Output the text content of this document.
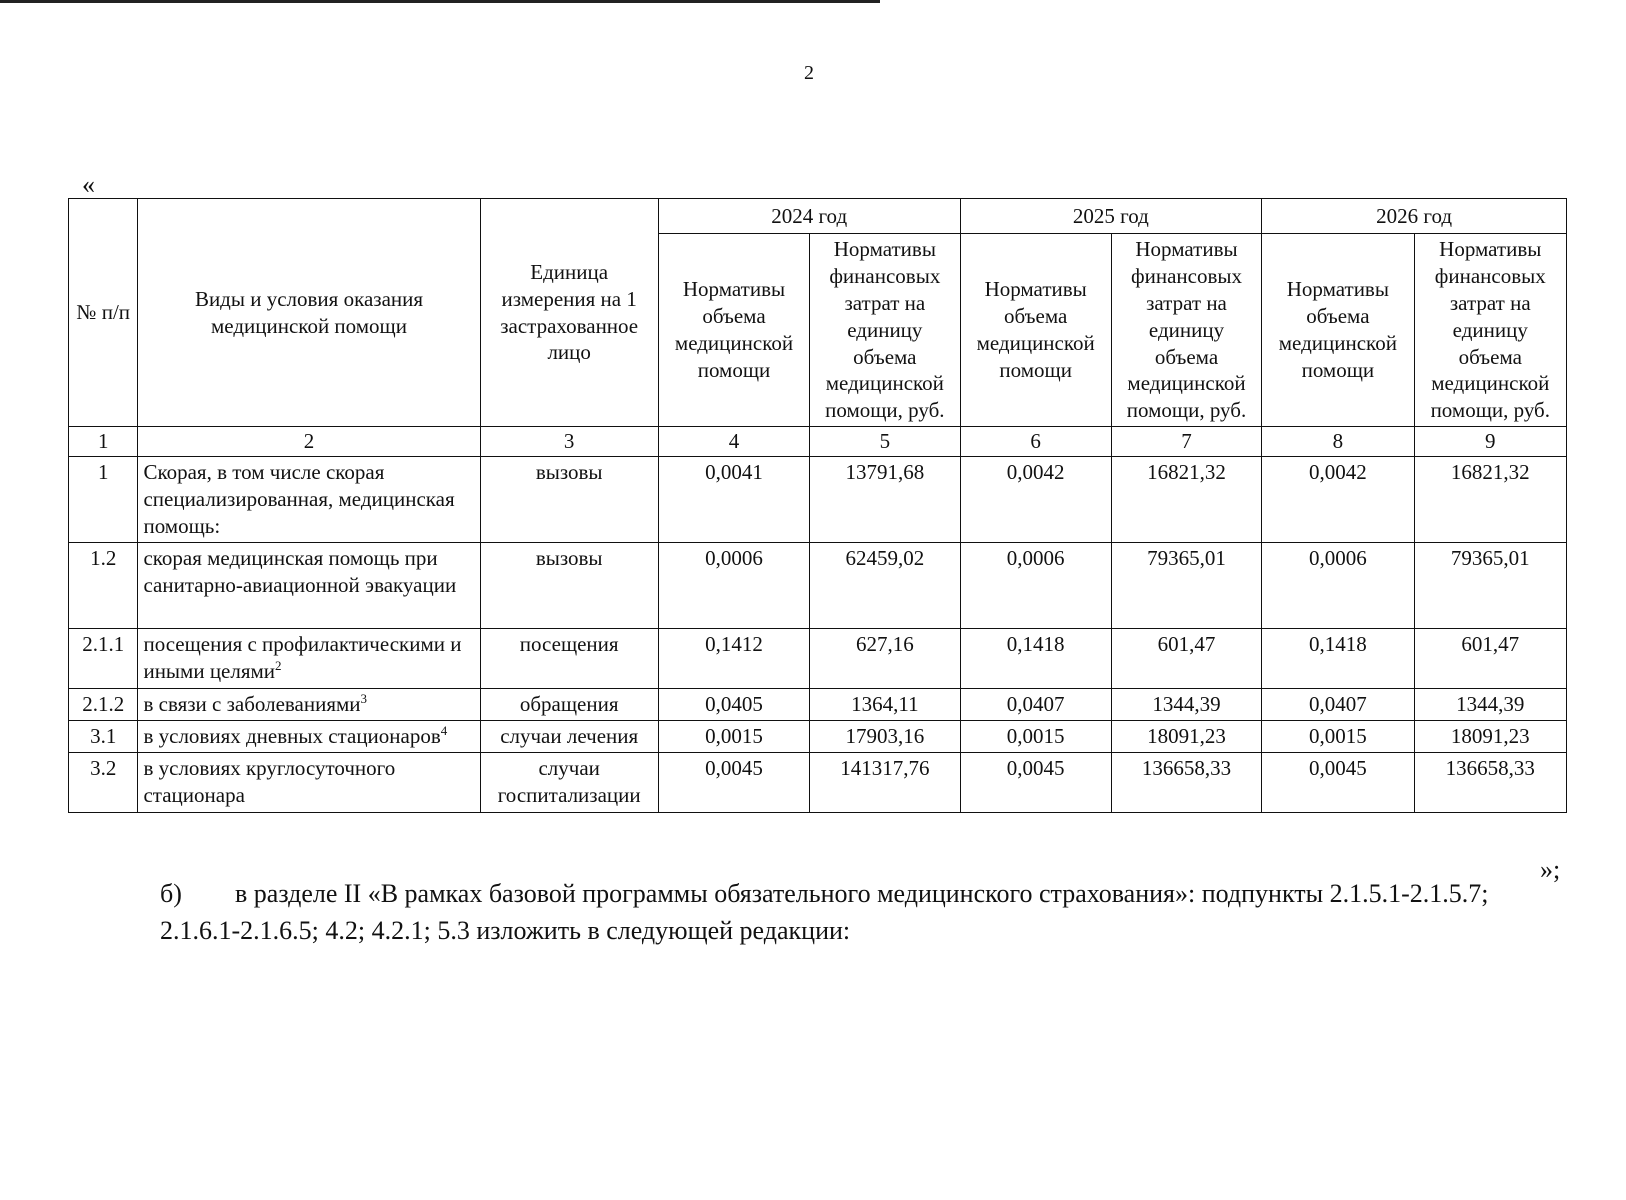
2
«
№ п/п	Виды и условия оказания медицинской помощи	Единица измерения на 1 застрахованное лицо	2024 год		2025 год		2026 год	
			Нормативы объема медицинской помощи	Нормативы финансовых затрат на единицу объема медицинской помощи, руб.	Нормативы объема медицинской помощи	Нормативы финансовых затрат на единицу объема медицинской помощи, руб.	Нормативы объема медицинской помощи	Нормативы финансовых затрат на единицу объема медицинской помощи, руб.
1	2	3	4	5	6	7	8	9
1	Скорая, в том числе скорая специализированная, медицинская помощь:	вызовы	0,0041	13791,68	0,0042	16821,32	0,0042	16821,32
1.2	скорая медицинская помощь при санитарно-авиационной эвакуации	вызовы	0,0006	62459,02	0,0006	79365,01	0,0006	79365,01
2.1.1	посещения с профилактическими и иными целями$^2$	посещения	0,1412	627,16	0,1418	601,47	0,1418	601,47
2.1.2	в связи с заболеваниями$^3$	обращения	0,0405	1364,11	0,0407	1344,39	0,0407	1344,39
3.1	в условиях дневных стационаров$^4$	случаи лечения	0,0015	17903,16	0,0015	18091,23	0,0015	18091,23
3.2	в условиях круглосуточного стационара	случаи госпитализации	0,0045	141317,76	0,0045	136658,33	0,0045	136658,33
»;
б) в разделе II «В рамках базовой программы обязательного медицинского страхования»: подпункты 2.1.5.1-2.1.5.7; 2.1.6.1-2.1.6.5; 4.2; 4.2.1; 5.3 изложить в следующей редакции:
